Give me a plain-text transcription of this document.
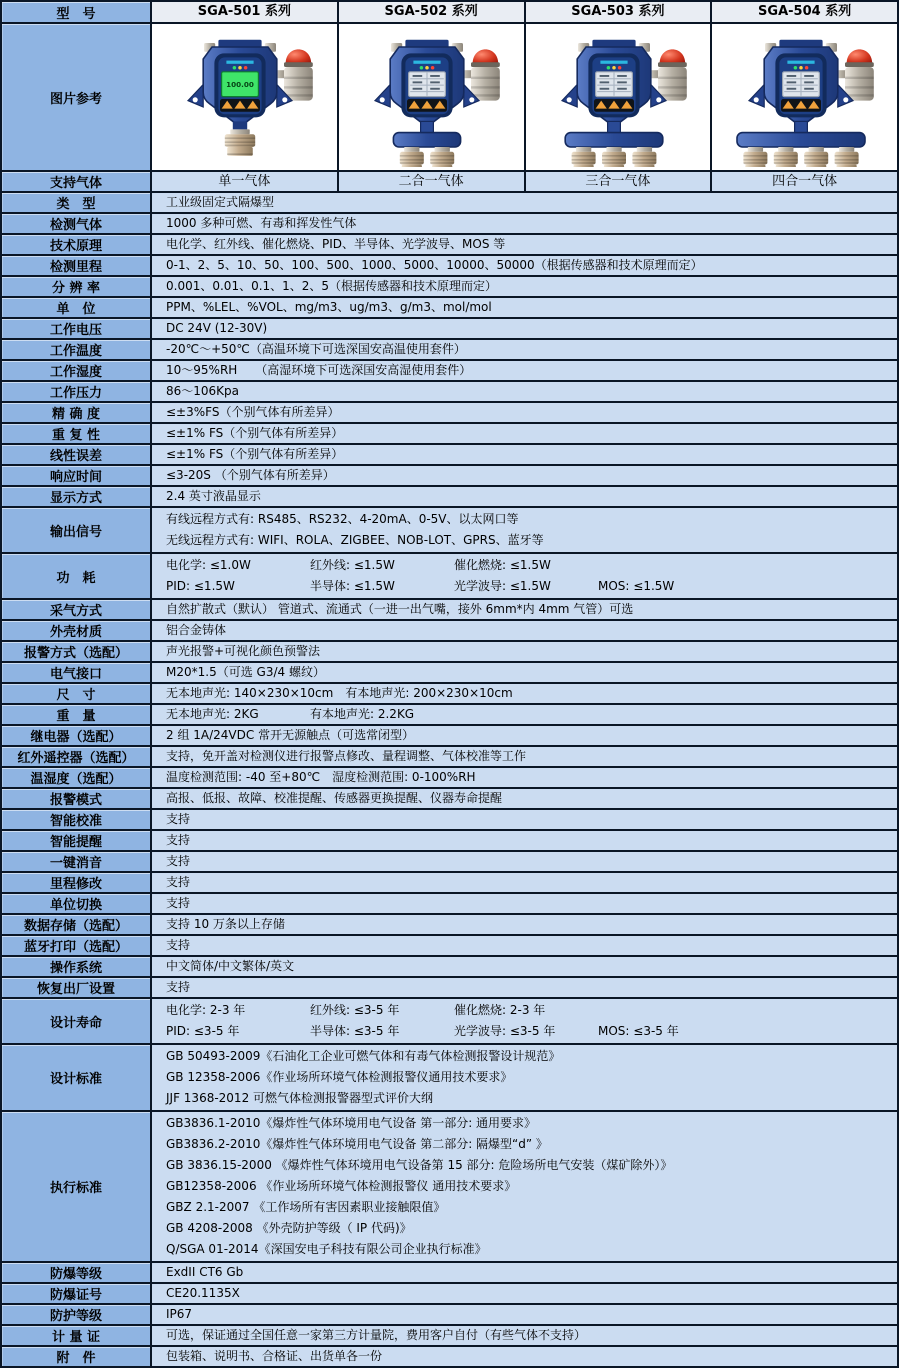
型　号	SGA-501 系列	SGA-502 系列	SGA-503 系列	SGA-504 系列
图片参考
100.00
支持气体	单一气体	二合一气体	三合一气体	四合一气体
类　型	工业级固定式隔爆型
检测气体	1000 多种可燃、有毒和挥发性气体
技术原理	电化学、红外线、催化燃烧、PID、半导体、光学波导、MOS 等
检测里程	0-1、2、5、10、50、100、500、1000、5000、10000、50000（根据传感器和技术原理而定）
分 辨 率	0.001、0.01、0.1、1、2、5（根据传感器和技术原理而定）
单　位	PPM、%LEL、%VOL、mg/m3、ug/m3、g/m3、mol/mol
工作电压	DC 24V (12-30V)
工作温度	-20℃～+50℃（高温环境下可选深国安高温使用套件）
工作湿度	10～95%RH　　（高湿环境下可选深国安高湿使用套件）
工作压力	86～106Kpa
精 确 度	≤±3%FS（个别气体有所差异）
重 复 性	≤±1% FS（个别气体有所差异）
线性误差	≤±1% FS（个别气体有所差异）
响应时间	≤3-20S （个别气体有所差异）
显示方式	2.4 英寸液晶显示
输出信号
有线远程方式有: RS485、RS232、4-20mA、0-5V、以太网口等
无线远程方式有: WIFI、ROLA、ZIGBEE、NOB-LOT、GPRS、蓝牙等
功　耗
电化学: ≤1.0W	红外线: ≤1.5W	催化燃烧: ≤1.5W
PID: ≤1.5W	半导体: ≤1.5W	光学波导: ≤1.5W	MOS: ≤1.5W
采气方式	自然扩散式（默认） 管道式、流通式（一进一出气嘴，接外 6mm*内 4mm 气管）可选
外壳材质	铝合金铸体
报警方式（选配）	声光报警+可视化颜色预警法
电气接口	M20*1.5（可选 G3/4 螺纹）
尺　寸	无本地声光: 140×230×10cm 有本地声光: 200×230×10cm
重　量	无本地声光: 2KG	有本地声光: 2.2KG
继电器（选配）	2 组 1A/24VDC 常开无源触点（可选常闭型）
红外遥控器（选配）	支持，免开盖对检测仪进行报警点修改、量程调整、气体校准等工作
温湿度（选配）	温度检测范围: -40 至+80℃ 湿度检测范围: 0-100%RH
报警模式	高报、低报、故障、校准提醒、传感器更换提醒、仪器寿命提醒
智能校准	支持
智能提醒	支持
一键消音	支持
里程修改	支持
单位切换	支持
数据存储（选配）	支持 10 万条以上存储
蓝牙打印（选配）	支持
操作系统	中文简体/中文繁体/英文
恢复出厂设置	支持
设计寿命
电化学: 2-3 年	红外线: ≤3-5 年	催化燃烧: 2-3 年
PID: ≤3-5 年	半导体: ≤3-5 年	光学波导: ≤3-5 年	MOS: ≤3-5 年
设计标准
GB 50493-2009《石油化工企业可燃气体和有毒气体检测报警设计规范》
GB 12358-2006《作业场所环境气体检测报警仪通用技术要求》
JJF 1368-2012 可燃气体检测报警器型式评价大纲
执行标准
GB3836.1-2010《爆炸性气体环境用电气设备 第一部分: 通用要求》
GB3836.2-2010《爆炸性气体环境用电气设备 第二部分: 隔爆型“d” 》
GB 3836.15-2000 《爆炸性气体环境用电气设备第 15 部分: 危险场所电气安装（煤矿除外）》
GB12358-2006 《作业场所环境气体检测报警仪 通用技术要求》
GBZ 2.1-2007 《工作场所有害因素职业接触限值》
GB 4208-2008 《外壳防护等级（ IP 代码)》
Q/SGA 01-2014《深国安电子科技有限公司企业执行标准》
防爆等级	ExdII CT6 Gb
防爆证号	CE20.1135X
防护等级	IP67
计 量 证	可选，保证通过全国任意一家第三方计量院，费用客户自付（有些气体不支持）
附　件	包装箱、说明书、合格证、出货单各一份
